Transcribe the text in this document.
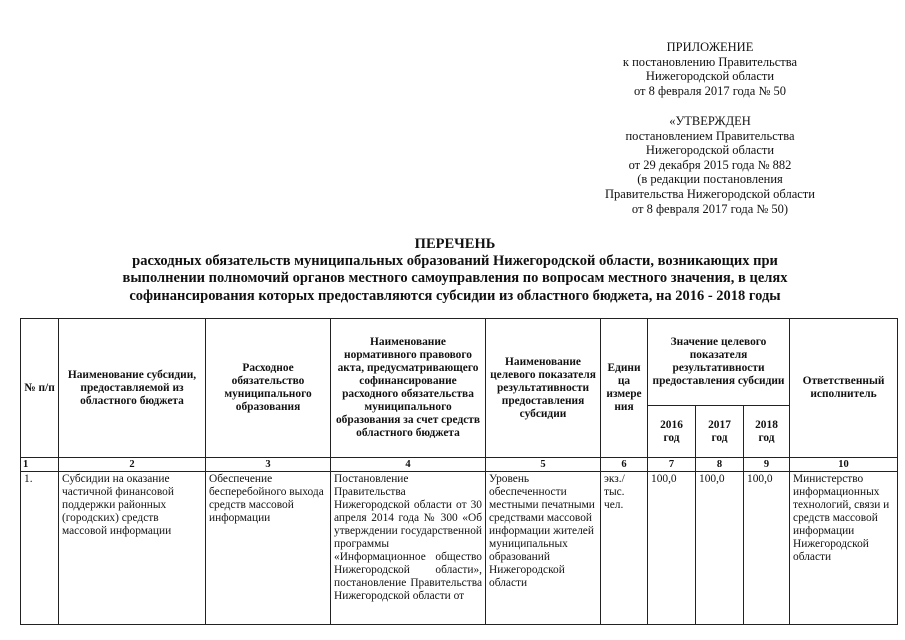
ПРИЛОЖЕНИЕ
к постановлению Правительства
Нижегородской области
от 8 февраля 2017 года № 50
«УТВЕРЖДЕН
постановлением Правительства
Нижегородской области
от 29 декабря 2015 года № 882
(в редакции постановления
Правительства Нижегородской области
от 8 февраля 2017 года № 50)
ПЕРЕЧЕНЬ
расходных обязательств муниципальных образований Нижегородской области, возникающих при
выполнении полномочий органов местного самоуправления по вопросам местного значения, в целях
софинансирования которых предоставляются субсидии из областного бюджета, на 2016 - 2018 годы
№ п/п	Наименование субсидии, предоставляемой из областного бюджета	Расходное обязательство муниципального образования	Наименование нормативного правового акта, предусматривающего софинансирование расходного обязательства муниципального образования за счет средств областного бюджета	Наименование целевого показателя результативности предоставления субсидии	Едини ца измере ния	Значение целевого показателя результативности предоставления субсидии			Ответственный исполнитель
						2016 год	2017 год	2018 год	
1	2	3	4	5	6	7	8	9	10
1.	Субсидии на оказание частичной финансовой поддержки районных (городских) средств массовой информации	Обеспечение бесперебойного выхода средств массовой информации	Постановление Правительства Нижегородской области от 30 апреля 2014 года № 300 «Об утверждении государственной программы «Информационное общество Нижегородской области», постановление Правительства Нижегородской области от	Уровень обеспеченности местными печатными средствами массовой информации жителей муниципальных образований Нижегородской области	экз./ тыс. чел.	100,0	100,0	100,0	Министерство информационных технологий, связи и средств массовой информации Нижегородской области
